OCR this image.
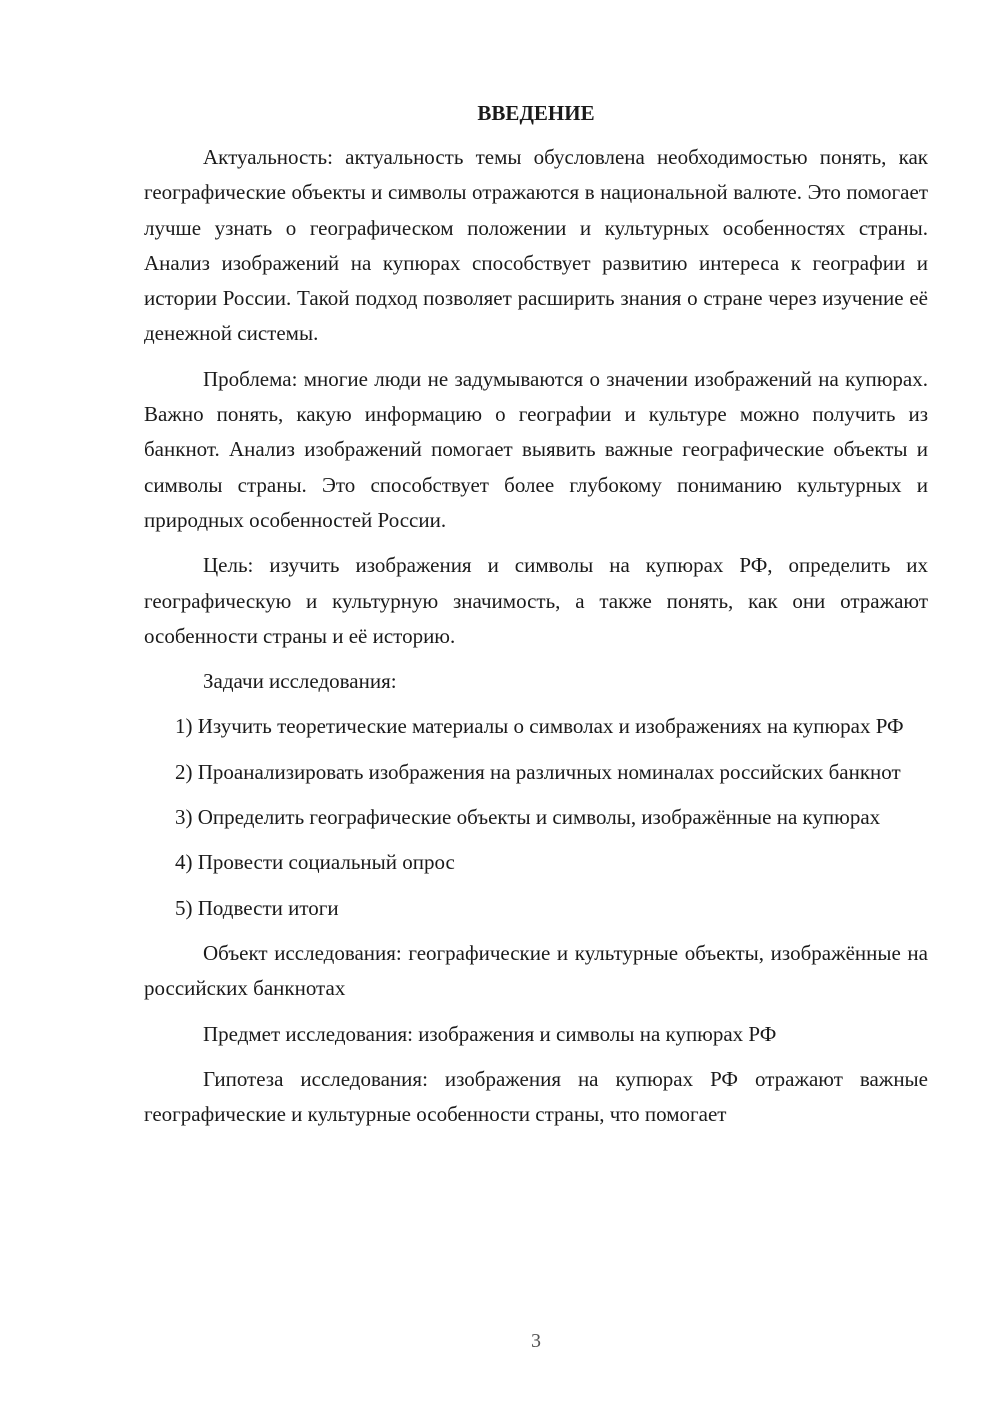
ВВЕДЕНИЕ

Актуальность: актуальность темы обусловлена необходимостью понять, как географические объекты и символы отражаются в национальной валюте. Это помогает лучше узнать о географическом положении и культурных особенностях страны. Анализ изображений на купюрах способствует развитию интереса к географии и истории России. Такой подход позволяет расширить знания о стране через изучение её денежной системы.

Проблема: многие люди не задумываются о значении изображений на купюрах. Важно понять, какую информацию о географии и культуре можно получить из банкнот. Анализ изображений помогает выявить важные географические объекты и символы страны. Это способствует более глубокому пониманию культурных и природных особенностей России.

Цель: изучить изображения и символы на купюрах РФ, определить их географическую и культурную значимость, а также понять, как они отражают особенности страны и её историю.

Задачи исследования:

1) Изучить теоретические материалы о символах и изображениях на купюрах РФ

2) Проанализировать изображения на различных номиналах российских банкнот

3) Определить географические объекты и символы, изображённые на купюрах

4) Провести социальный опрос

5) Подвести итоги

Объект исследования: географические и культурные объекты, изображённые на российских банкнотах

Предмет исследования: изображения и символы на купюрах РФ

Гипотеза исследования: изображения на купюрах РФ отражают важные географические и культурные особенности страны, что помогает

3
